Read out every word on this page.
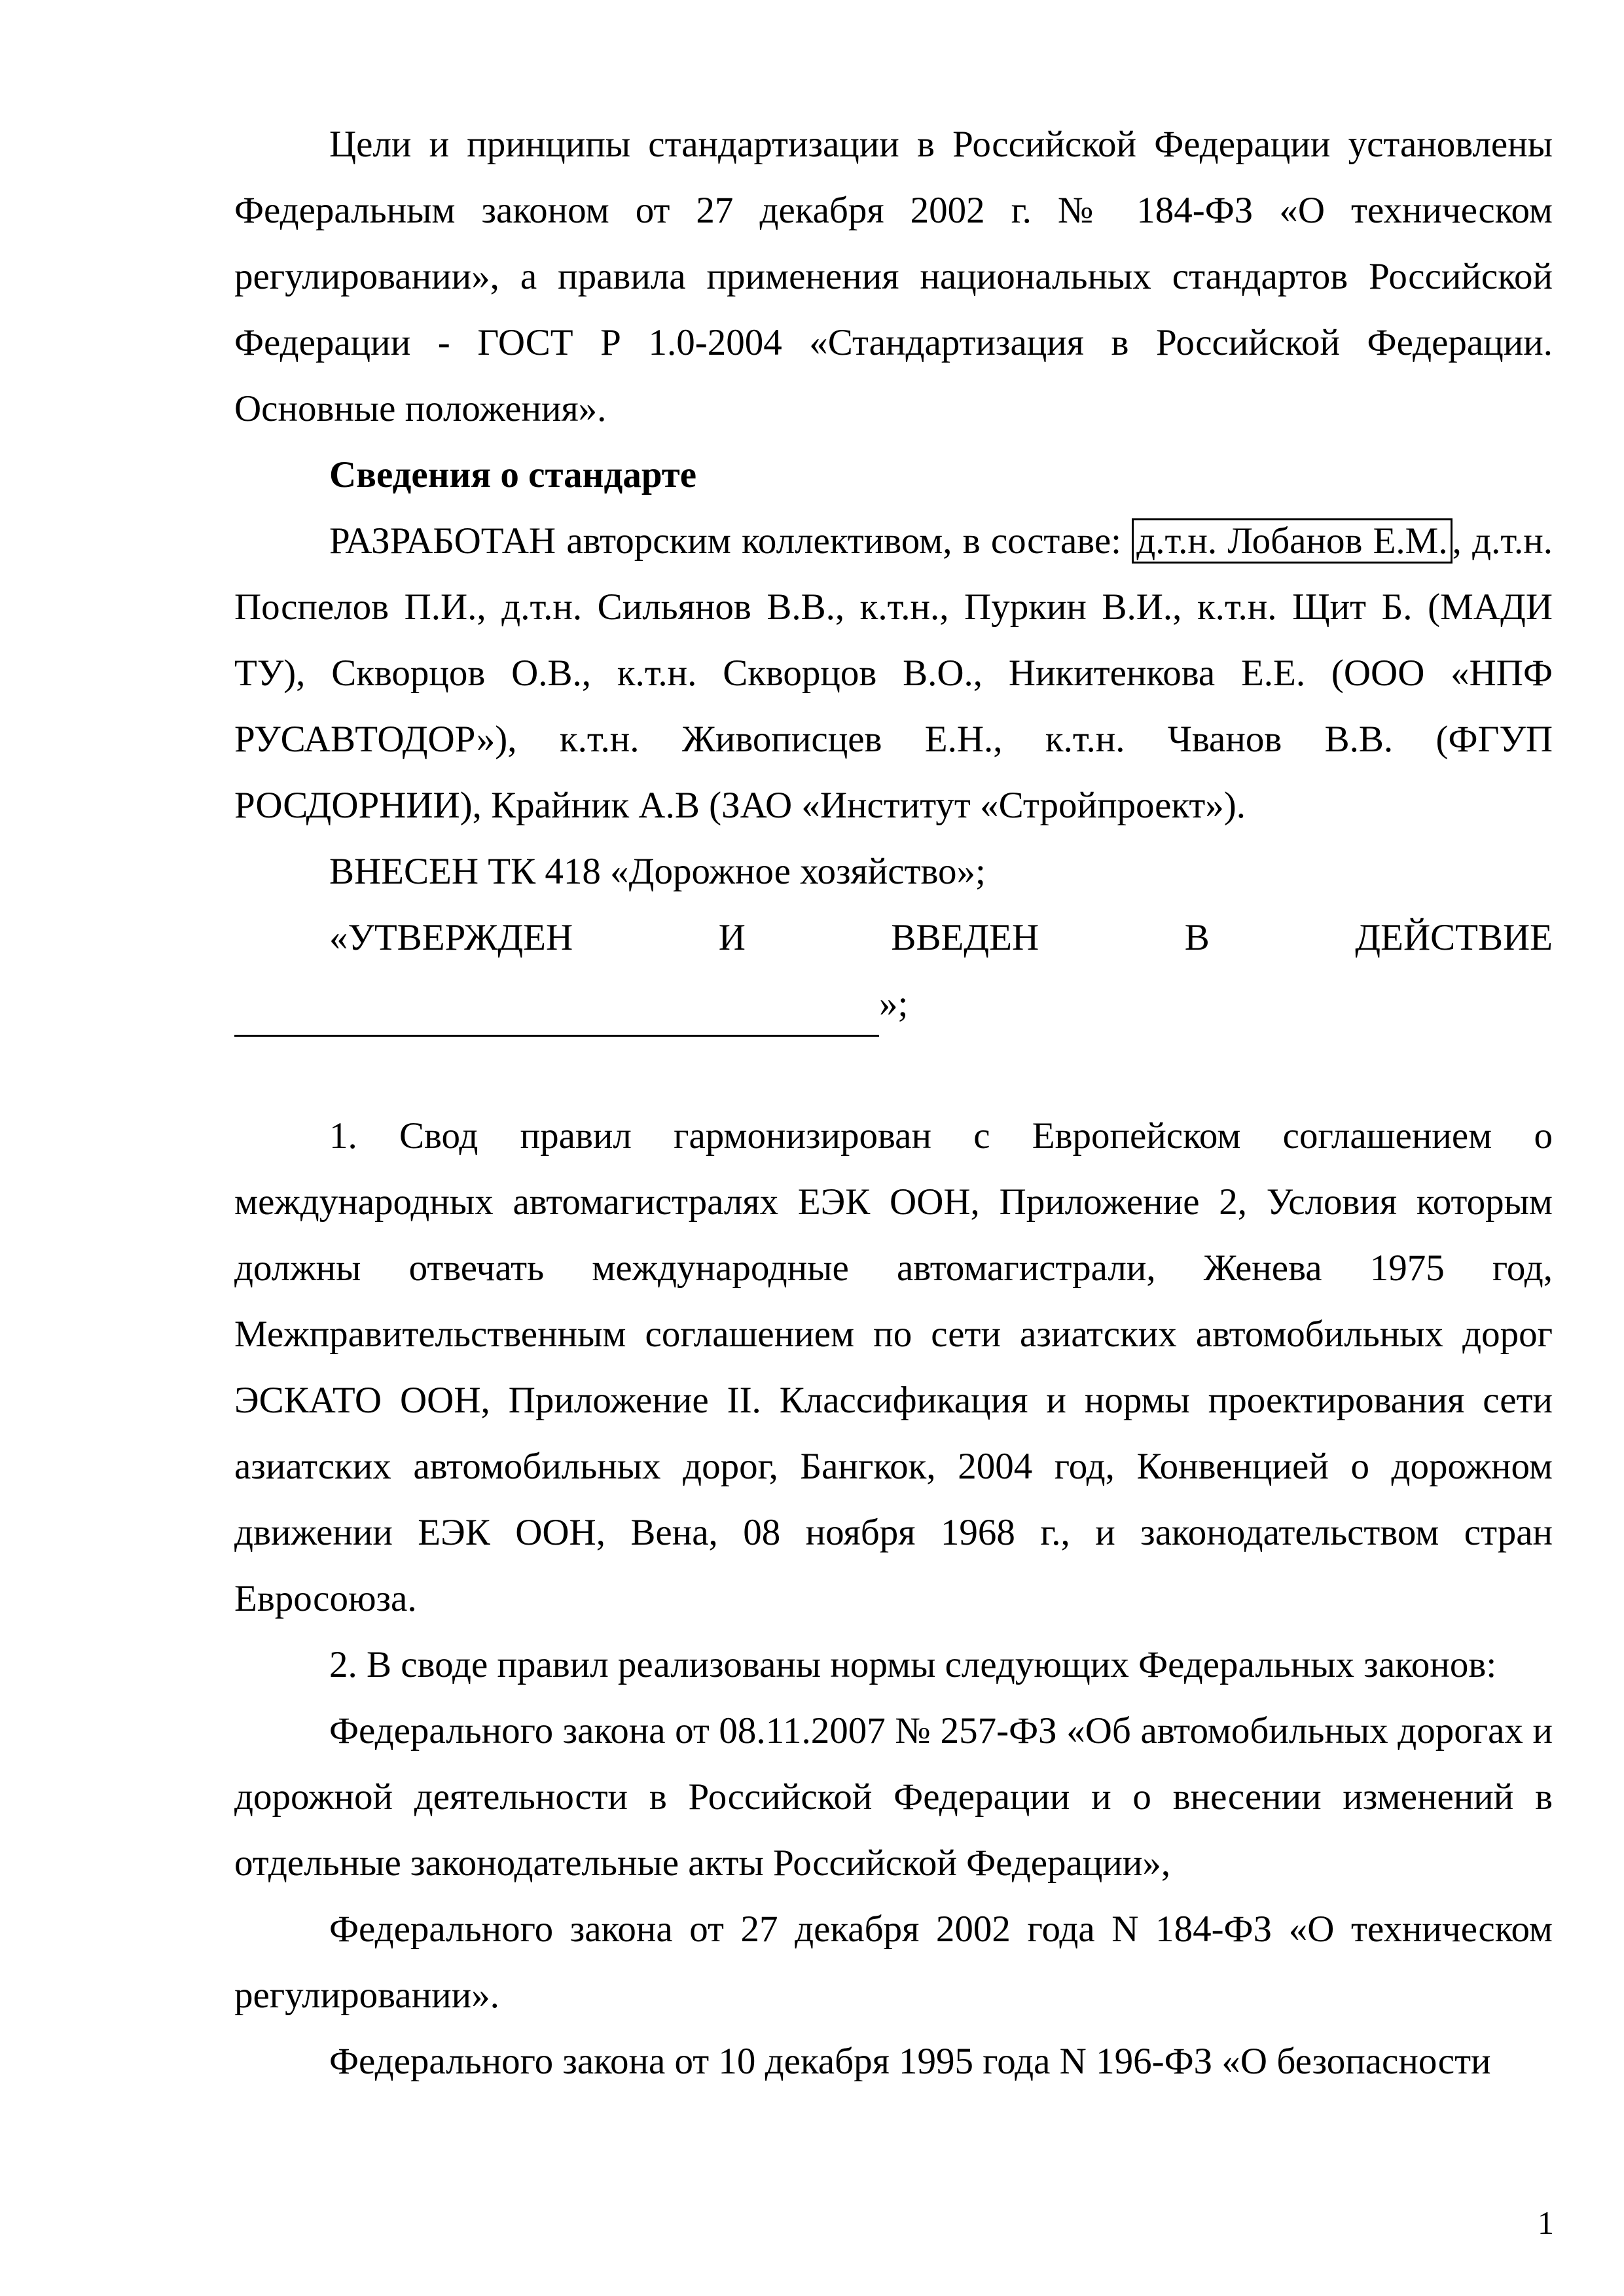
Цели и принципы стандартизации в Российской Федерации установлены Федеральным законом от 27 декабря 2002 г. № 184-ФЗ «О техническом регулировании», а правила применения национальных стандартов Российской Федерации - ГОСТ Р 1.0-2004 «Стандартизация в Российской Федерации. Основные положения».

Сведения о стандарте

РАЗРАБОТАН авторским коллективом, в составе: д.т.н. Лобанов Е.М. , д.т.н. Поспелов П.И., д.т.н. Сильянов В.В., к.т.н., Пуркин В.И., к.т.н. Щит Б. (МАДИ ТУ), Скворцов О.В., к.т.н. Скворцов В.О., Никитенкова Е.Е. (ООО «НПФ РУСАВТОДОР»), к.т.н. Живописцев Е.Н., к.т.н. Чванов В.В. (ФГУП РОСДОРНИИ), Крайник А.В (ЗАО «Институт «Стройпроект»).

ВНЕСЕН ТК 418 «Дорожное хозяйство»;

«УТВЕРЖДЕН	И	ВВЕДЕН	В	ДЕЙСТВИЕ
»;

1. Свод правил гармонизирован с Европейском соглашением о международных автомагистралях ЕЭК ООН, Приложение 2, Условия которым должны отвечать международные автомагистрали, Женева 1975 год, Межправительственным соглашением по сети азиатских автомобильных дорог ЭСКАТО ООН, Приложение II. Классификация и нормы проектирования сети азиатских автомобильных дорог, Бангкок, 2004 год, Конвенцией о дорожном движении ЕЭК ООН, Вена, 08 ноября 1968 г., и законодательством стран Евросоюза.

2. В своде правил реализованы нормы следующих Федеральных законов:

Федерального закона от 08.11.2007 № 257-ФЗ «Об автомобильных дорогах и дорожной деятельности в Российской Федерации и о внесении изменений в отдельные законодательные акты Российской Федерации»,

Федерального закона от 27 декабря 2002 года N 184-ФЗ «О техническом регулировании».

Федерального закона от 10 декабря 1995 года N 196-ФЗ «О безопасности

1
